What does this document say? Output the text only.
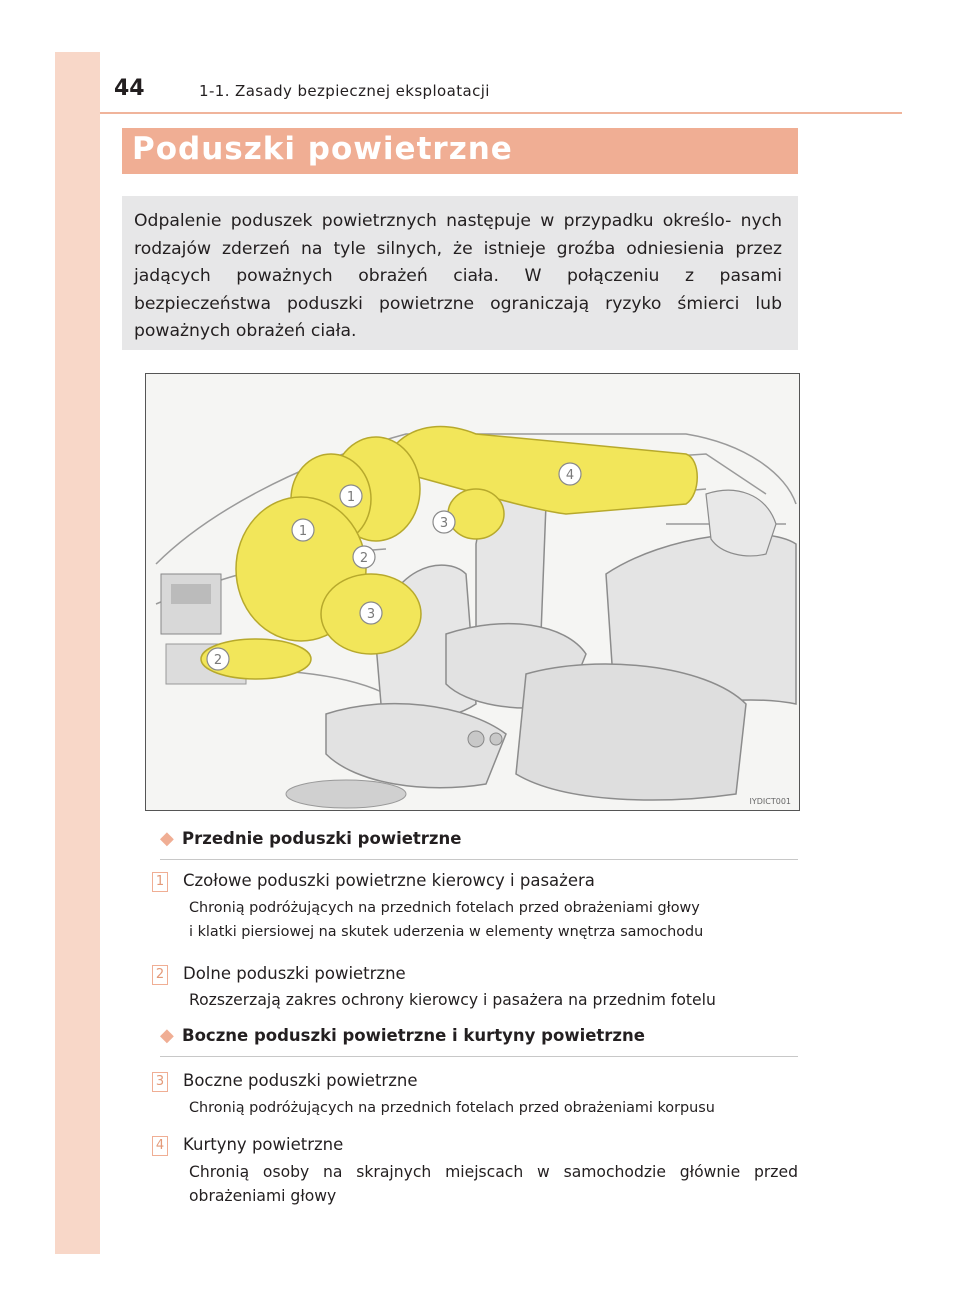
44	1-1. Zasady bezpiecznej eksploatacji
Poduszki powietrzne

Odpalenie poduszek powietrznych następuje w przypadku określo- nych rodzajów zderzeń na tyle silnych, że istnieje groźba odniesienia przez jadących poważnych obrażeń ciała. W połączeniu z pasami bezpieczeństwa poduszki powietrzne ograniczają ryzyko śmierci lub poważnych obrażeń ciała.

1
1
2
2
3
3
4
IYDICT001
◆ Przednie poduszki powietrzne
1 Czołowe poduszki powietrzne kierowcy i pasażera

Chronią podróżujących na przednich fotelach przed obrażeniami głowy
i klatki piersiowej na skutek uderzenia w elementy wnętrza samochodu

2 Dolne poduszki powietrzne

Rozszerzają zakres ochrony kierowcy i pasażera na przednim fotelu

◆ Boczne poduszki powietrzne i kurtyny powietrzne
3 Boczne poduszki powietrzne

Chronią podróżujących na przednich fotelach przed obrażeniami korpusu

4 Kurtyny powietrzne

Chronią osoby na skrajnych miejscach w samochodzie głównie przed obrażeniami głowy
